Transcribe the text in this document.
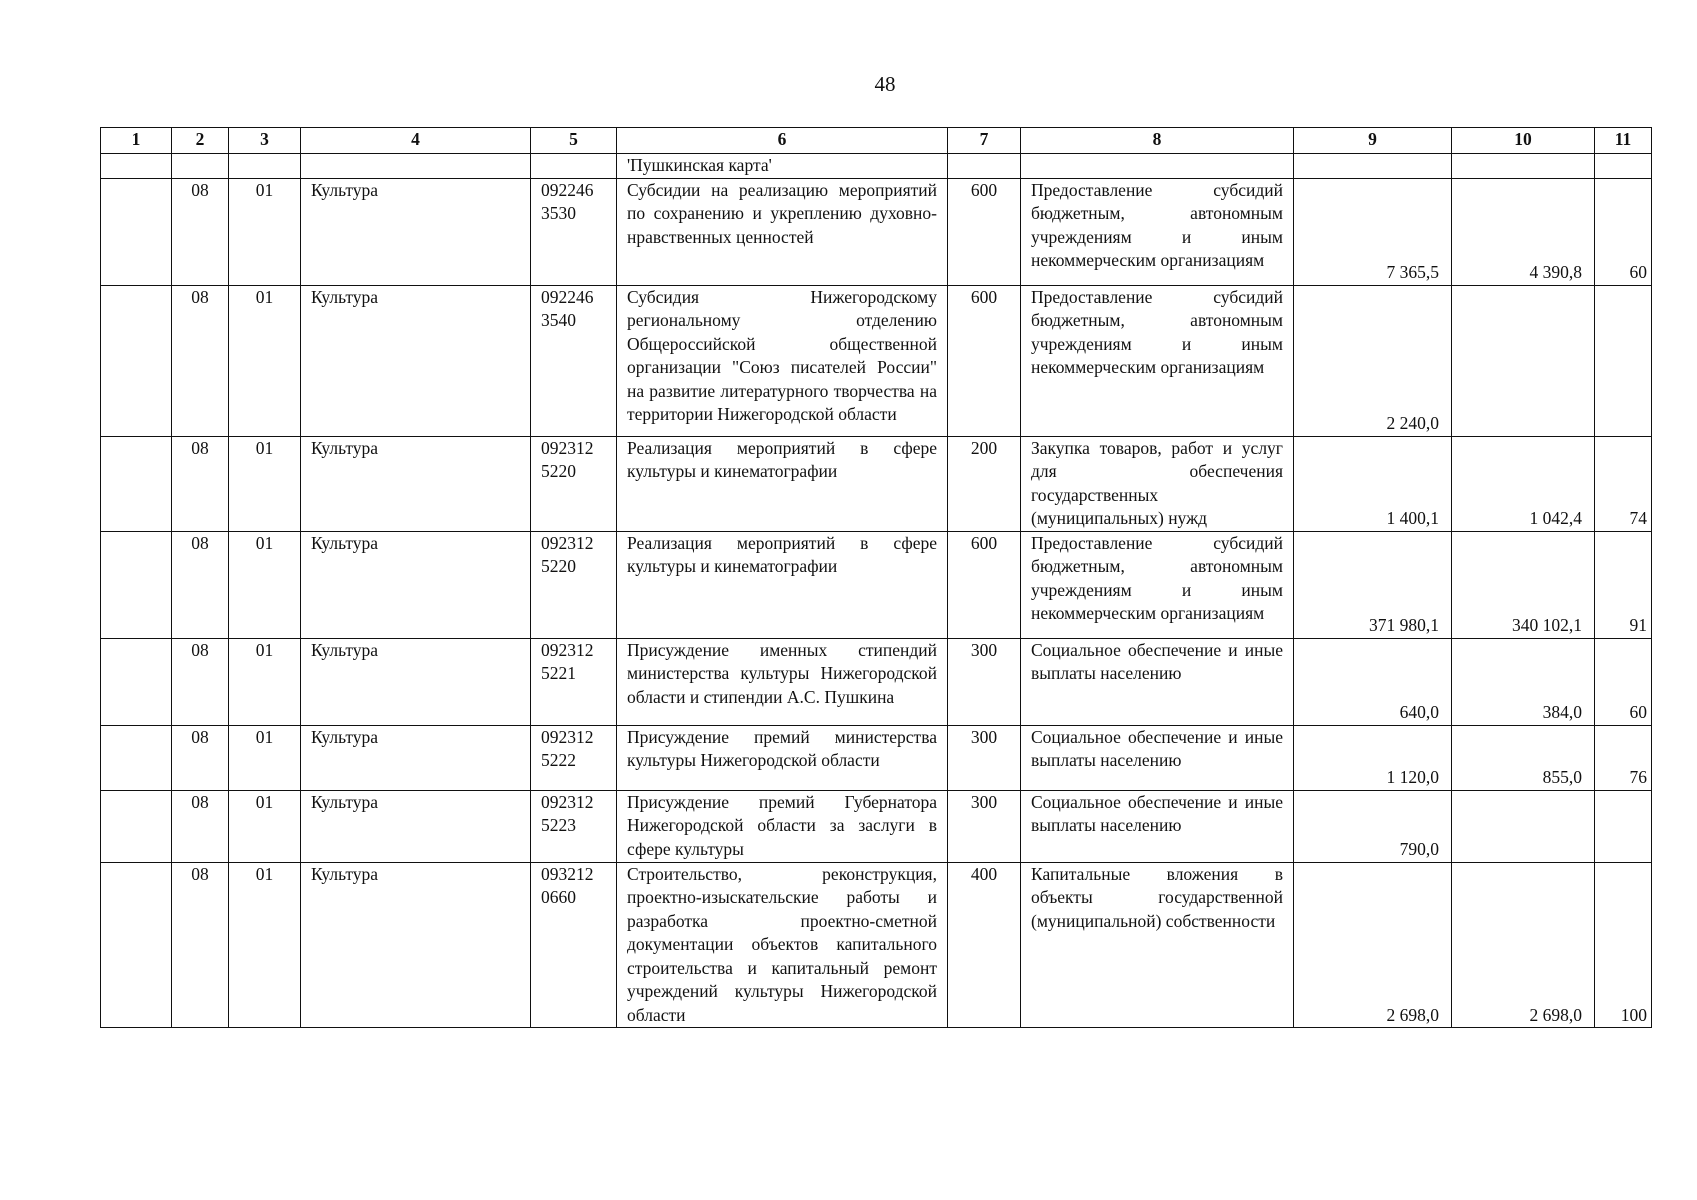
48
1	2	3	4	5	6	7	8	9	10	11
					'Пушкинская карта'					
	08	01	Культура	092246 3530	Субсидии на реализацию мероприятий по сохранению и укреплению духовно-нравственных ценностей	600	Предоставление субсидий бюджетным, автономным учреждениям и иным некоммерческим организациям	7 365,5	4 390,8	60
	08	01	Культура	092246 3540	Субсидия Нижегородскому региональному отделению Общероссийской общественной организации "Союз писателей России" на развитие литературного творчества на территории Нижегородской области	600	Предоставление субсидий бюджетным, автономным учреждениям и иным некоммерческим организациям	2 240,0		
	08	01	Культура	092312 5220	Реализация мероприятий в сфере культуры и кинематографии	200	Закупка товаров, работ и услуг для обеспечения государственных (муниципальных) нужд	1 400,1	1 042,4	74
	08	01	Культура	092312 5220	Реализация мероприятий в сфере культуры и кинематографии	600	Предоставление субсидий бюджетным, автономным учреждениям и иным некоммерческим организациям	371 980,1	340 102,1	91
	08	01	Культура	092312 5221	Присуждение именных стипендий министерства культуры Нижегородской области и стипендии А.С. Пушкина	300	Социальное обеспечение и иные выплаты населению	640,0	384,0	60
	08	01	Культура	092312 5222	Присуждение премий министерства культуры Нижегородской области	300	Социальное обеспечение и иные выплаты населению	1 120,0	855,0	76
	08	01	Культура	092312 5223	Присуждение премий Губернатора Нижегородской области за заслуги в сфере культуры	300	Социальное обеспечение и иные выплаты населению	790,0		
	08	01	Культура	093212 0660	Строительство, реконструкция, проектно-изыскательские работы и разработка проектно-сметной документации объектов капитального строительства и капитальный ремонт учреждений культуры Нижегородской области	400	Капитальные вложения в объекты государственной (муниципальной) собственности	2 698,0	2 698,0	100
